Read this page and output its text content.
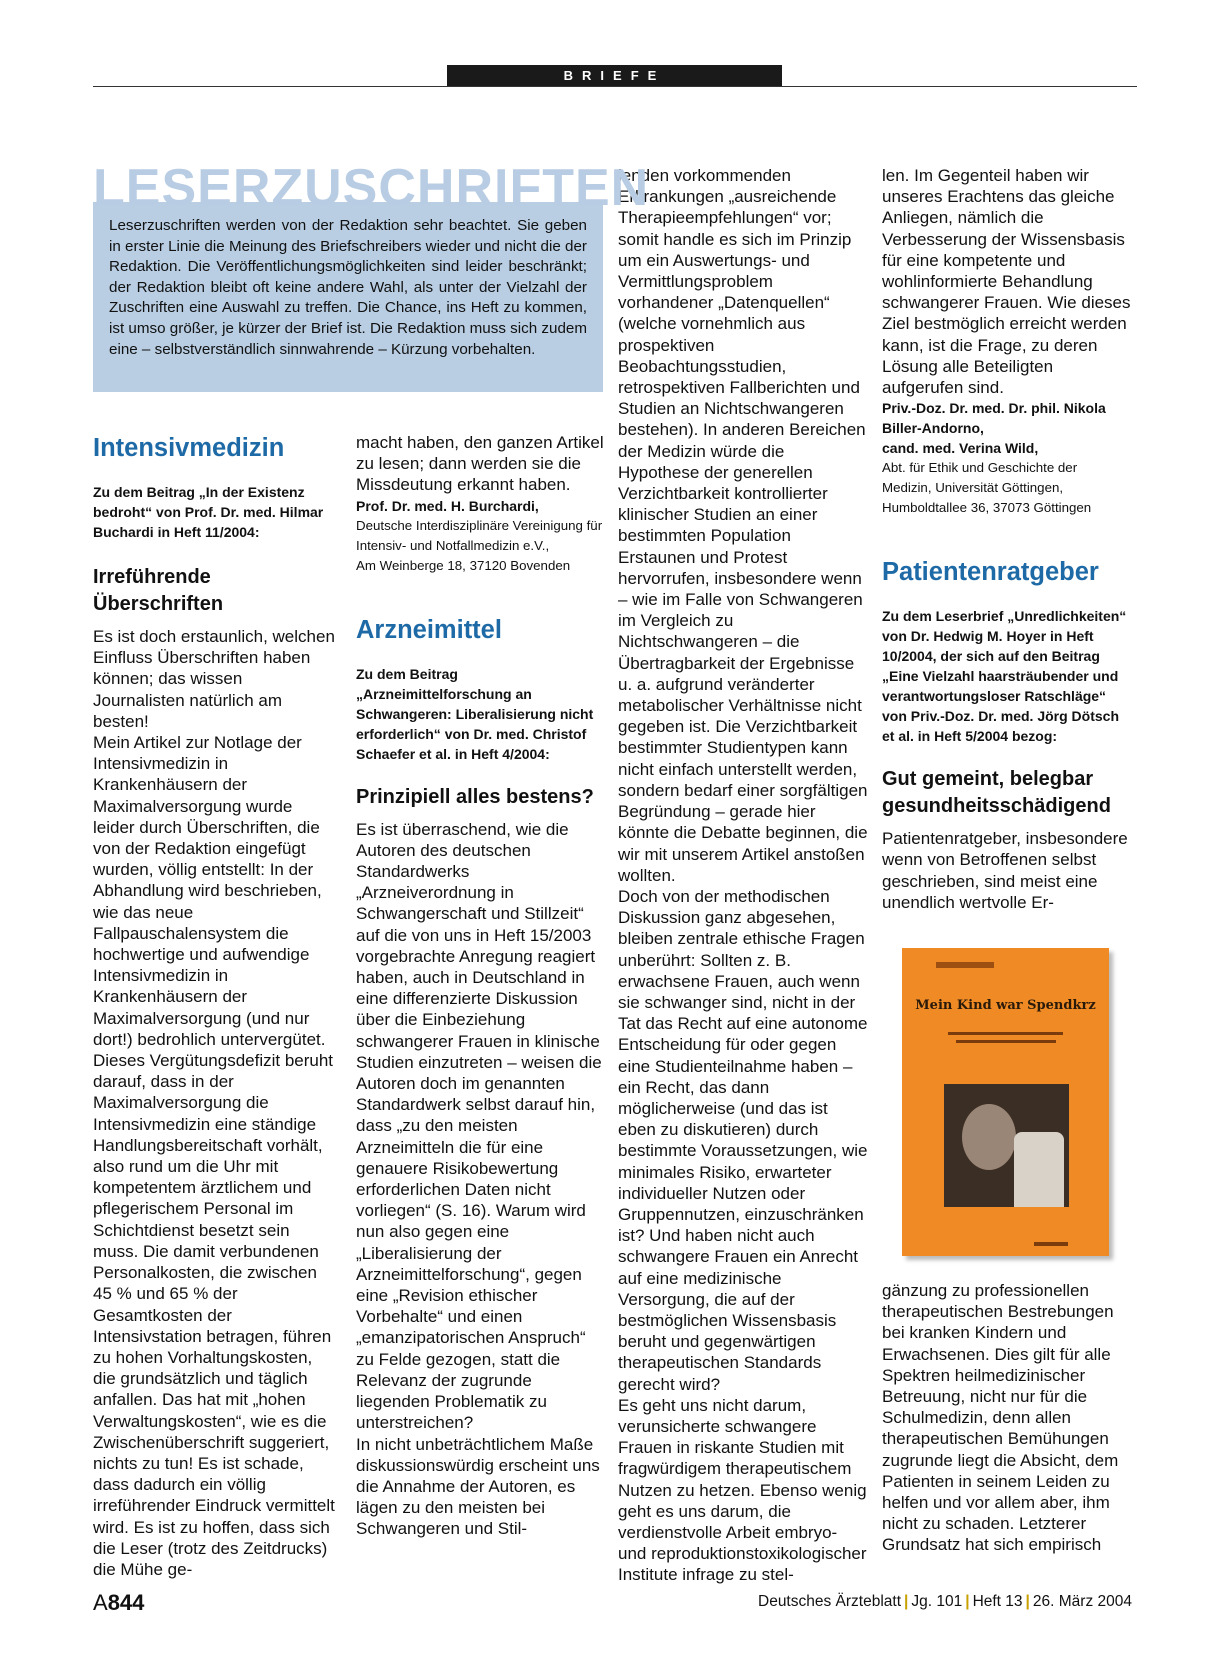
BRIEFE
LESERZUSCHRIFTEN
Leserzuschriften werden von der Redaktion sehr beachtet. Sie geben in erster Linie die Meinung des Briefschreibers wieder und nicht die der Redaktion. Die Veröffentlichungsmöglichkeiten sind leider beschränkt; der Redaktion bleibt oft keine andere Wahl, als unter der Vielzahl der Zuschriften eine Auswahl zu treffen. Die Chance, ins Heft zu kommen, ist umso größer, je kürzer der Brief ist. Die Redaktion muss sich zudem eine – selbstverständlich sinnwahrende – Kürzung vorbehalten.
Intensivmedizin
Zu dem Beitrag „In der Existenz bedroht“ von Prof. Dr. med. Hilmar Buchardi in Heft 11/2004:
Irreführende
Überschriften

Es ist doch erstaunlich, welchen Einfluss Überschriften haben können; das wissen Journalisten natürlich am besten!

Mein Artikel zur Notlage der Intensivmedizin in Krankenhäusern der Maximalversorgung wurde leider durch Überschriften, die von der Redaktion eingefügt wurden, völlig entstellt: In der Abhandlung wird beschrieben, wie das neue Fallpauschalensystem die hochwertige und aufwendige Intensivmedizin in Krankenhäusern der Maximalversorgung (und nur dort!) bedrohlich untervergütet. Dieses Vergütungsdefizit beruht darauf, dass in der Maximalversorgung die Intensivmedizin eine ständige Handlungsbereitschaft vorhält, also rund um die Uhr mit kompetentem ärztlichem und pflegerischem Personal im Schichtdienst besetzt sein muss. Die damit verbundenen Personalkosten, die zwischen 45 % und 65 % der Gesamtkosten der Intensivstation betragen, führen zu hohen Vorhaltungskosten, die grundsätzlich und täglich anfallen. Das hat mit „hohen Verwaltungskosten“, wie es die Zwischenüberschrift suggeriert, nichts zu tun! Es ist schade, dass dadurch ein völlig irreführender Eindruck vermittelt wird. Es ist zu hoffen, dass sich die Leser (trotz des Zeitdrucks) die Mühe ge-

macht haben, den ganzen Artikel zu lesen; dann werden sie die Missdeutung erkannt haben.

Prof. Dr. med. H. Burchardi,
Deutsche Interdisziplinäre Vereinigung für
Intensiv- und Notfallmedizin e.V.,
Am Weinberge 18, 37120 Bovenden
Arzneimittel
Zu dem Beitrag „Arzneimittelforschung an Schwangeren: Liberalisierung nicht erforderlich“ von Dr. med. Christof Schaefer et al. in Heft 4/2004:
Prinzipiell alles bestens?

Es ist überraschend, wie die Autoren des deutschen Standardwerks „Arzneiverordnung in Schwangerschaft und Stillzeit“ auf die von uns in Heft 15/2003 vorgebrachte Anregung reagiert haben, auch in Deutschland in eine differenzierte Diskussion über die Einbeziehung schwangerer Frauen in klinische Studien einzutreten – weisen die Autoren doch im genannten Standardwerk selbst darauf hin, dass „zu den meisten Arzneimitteln die für eine genauere Risikobewertung erforderlichen Daten nicht vorliegen“ (S. 16). Warum wird nun also gegen eine „Liberalisierung der Arzneimittelforschung“, gegen eine „Revision ethischer Vorbehalte“ und einen „emanzipatorischen Anspruch“ zu Felde gezogen, statt die Relevanz der zugrunde liegenden Problematik zu unterstreichen?

In nicht unbeträchtlichem Maße diskussionswürdig erscheint uns die Annahme der Autoren, es lägen zu den meisten bei Schwangeren und Stil-

lenden vorkommenden Erkrankungen „ausreichende Therapieempfehlungen“ vor; somit handle es sich im Prinzip um ein Auswertungs- und Vermittlungsproblem vorhandener „Datenquellen“ (welche vornehmlich aus prospektiven Beobachtungsstudien, retrospektiven Fallberichten und Studien an Nichtschwangeren bestehen). In anderen Bereichen der Medizin würde die Hypothese der generellen Verzichtbarkeit kontrollierter klinischer Studien an einer bestimmten Population Erstaunen und Protest hervorrufen, insbesondere wenn – wie im Falle von Schwangeren im Vergleich zu Nichtschwangeren – die Übertragbarkeit der Ergebnisse u. a. aufgrund veränderter metabolischer Verhältnisse nicht gegeben ist. Die Verzichtbarkeit bestimmter Studientypen kann nicht einfach unterstellt werden, sondern bedarf einer sorgfältigen Begründung – gerade hier könnte die Debatte beginnen, die wir mit unserem Artikel anstoßen wollten.

Doch von der methodischen Diskussion ganz abgesehen, bleiben zentrale ethische Fragen unberührt: Sollten z. B. erwachsene Frauen, auch wenn sie schwanger sind, nicht in der Tat das Recht auf eine autonome Entscheidung für oder gegen eine Studienteilnahme haben – ein Recht, das dann möglicherweise (und das ist eben zu diskutieren) durch bestimmte Voraussetzungen, wie minimales Risiko, erwarteter individueller Nutzen oder Gruppennutzen, einzuschränken ist? Und haben nicht auch schwangere Frauen ein Anrecht auf eine medizinische Versorgung, die auf der bestmöglichen Wissensbasis beruht und gegenwärtigen therapeutischen Standards gerecht wird?

Es geht uns nicht darum, verunsicherte schwangere Frauen in riskante Studien mit fragwürdigem therapeutischem Nutzen zu hetzen. Ebenso wenig geht es uns darum, die verdienstvolle Arbeit embryo- und reproduktionstoxikologischer Institute infrage zu stel-

len. Im Gegenteil haben wir unseres Erachtens das gleiche Anliegen, nämlich die Verbesserung der Wissensbasis für eine kompetente und wohlinformierte Behandlung schwangerer Frauen. Wie dieses Ziel bestmöglich erreicht werden kann, ist die Frage, zu deren Lösung alle Beteiligten aufgerufen sind.

Priv.-Doz. Dr. med. Dr. phil. Nikola
Biller-Andorno,
cand. med. Verina Wild,
Abt. für Ethik und Geschichte der
Medizin, Universität Göttingen,
Humboldtallee 36, 37073 Göttingen
Patientenratgeber
Zu dem Leserbrief „Unredlichkeiten“ von Dr. Hedwig M. Hoyer in Heft 10/2004, der sich auf den Beitrag „Eine Vielzahl haarsträubender und verantwortungsloser Ratschläge“ von Priv.-Doz. Dr. med. Jörg Dötsch et al. in Heft 5/2004 bezog:
Gut gemeint, belegbar
gesundheitsschädigend

Patientenratgeber, insbesondere wenn von Betroffenen selbst geschrieben, sind meist eine unendlich wertvolle Er-

Mein Kind war Spendkrz

gänzung zu professionellen therapeutischen Bestrebungen bei kranken Kindern und Erwachsenen. Dies gilt für alle Spektren heilmedizinischer Betreuung, nicht nur für die Schulmedizin, denn allen therapeutischen Bemühungen zugrunde liegt die Absicht, dem Patienten in seinem Leiden zu helfen und vor allem aber, ihm nicht zu schaden. Letzterer Grundsatz hat sich empirisch

A844	Deutsches Ärzteblatt | Jg. 101 | Heft 13 | 26. März 2004
